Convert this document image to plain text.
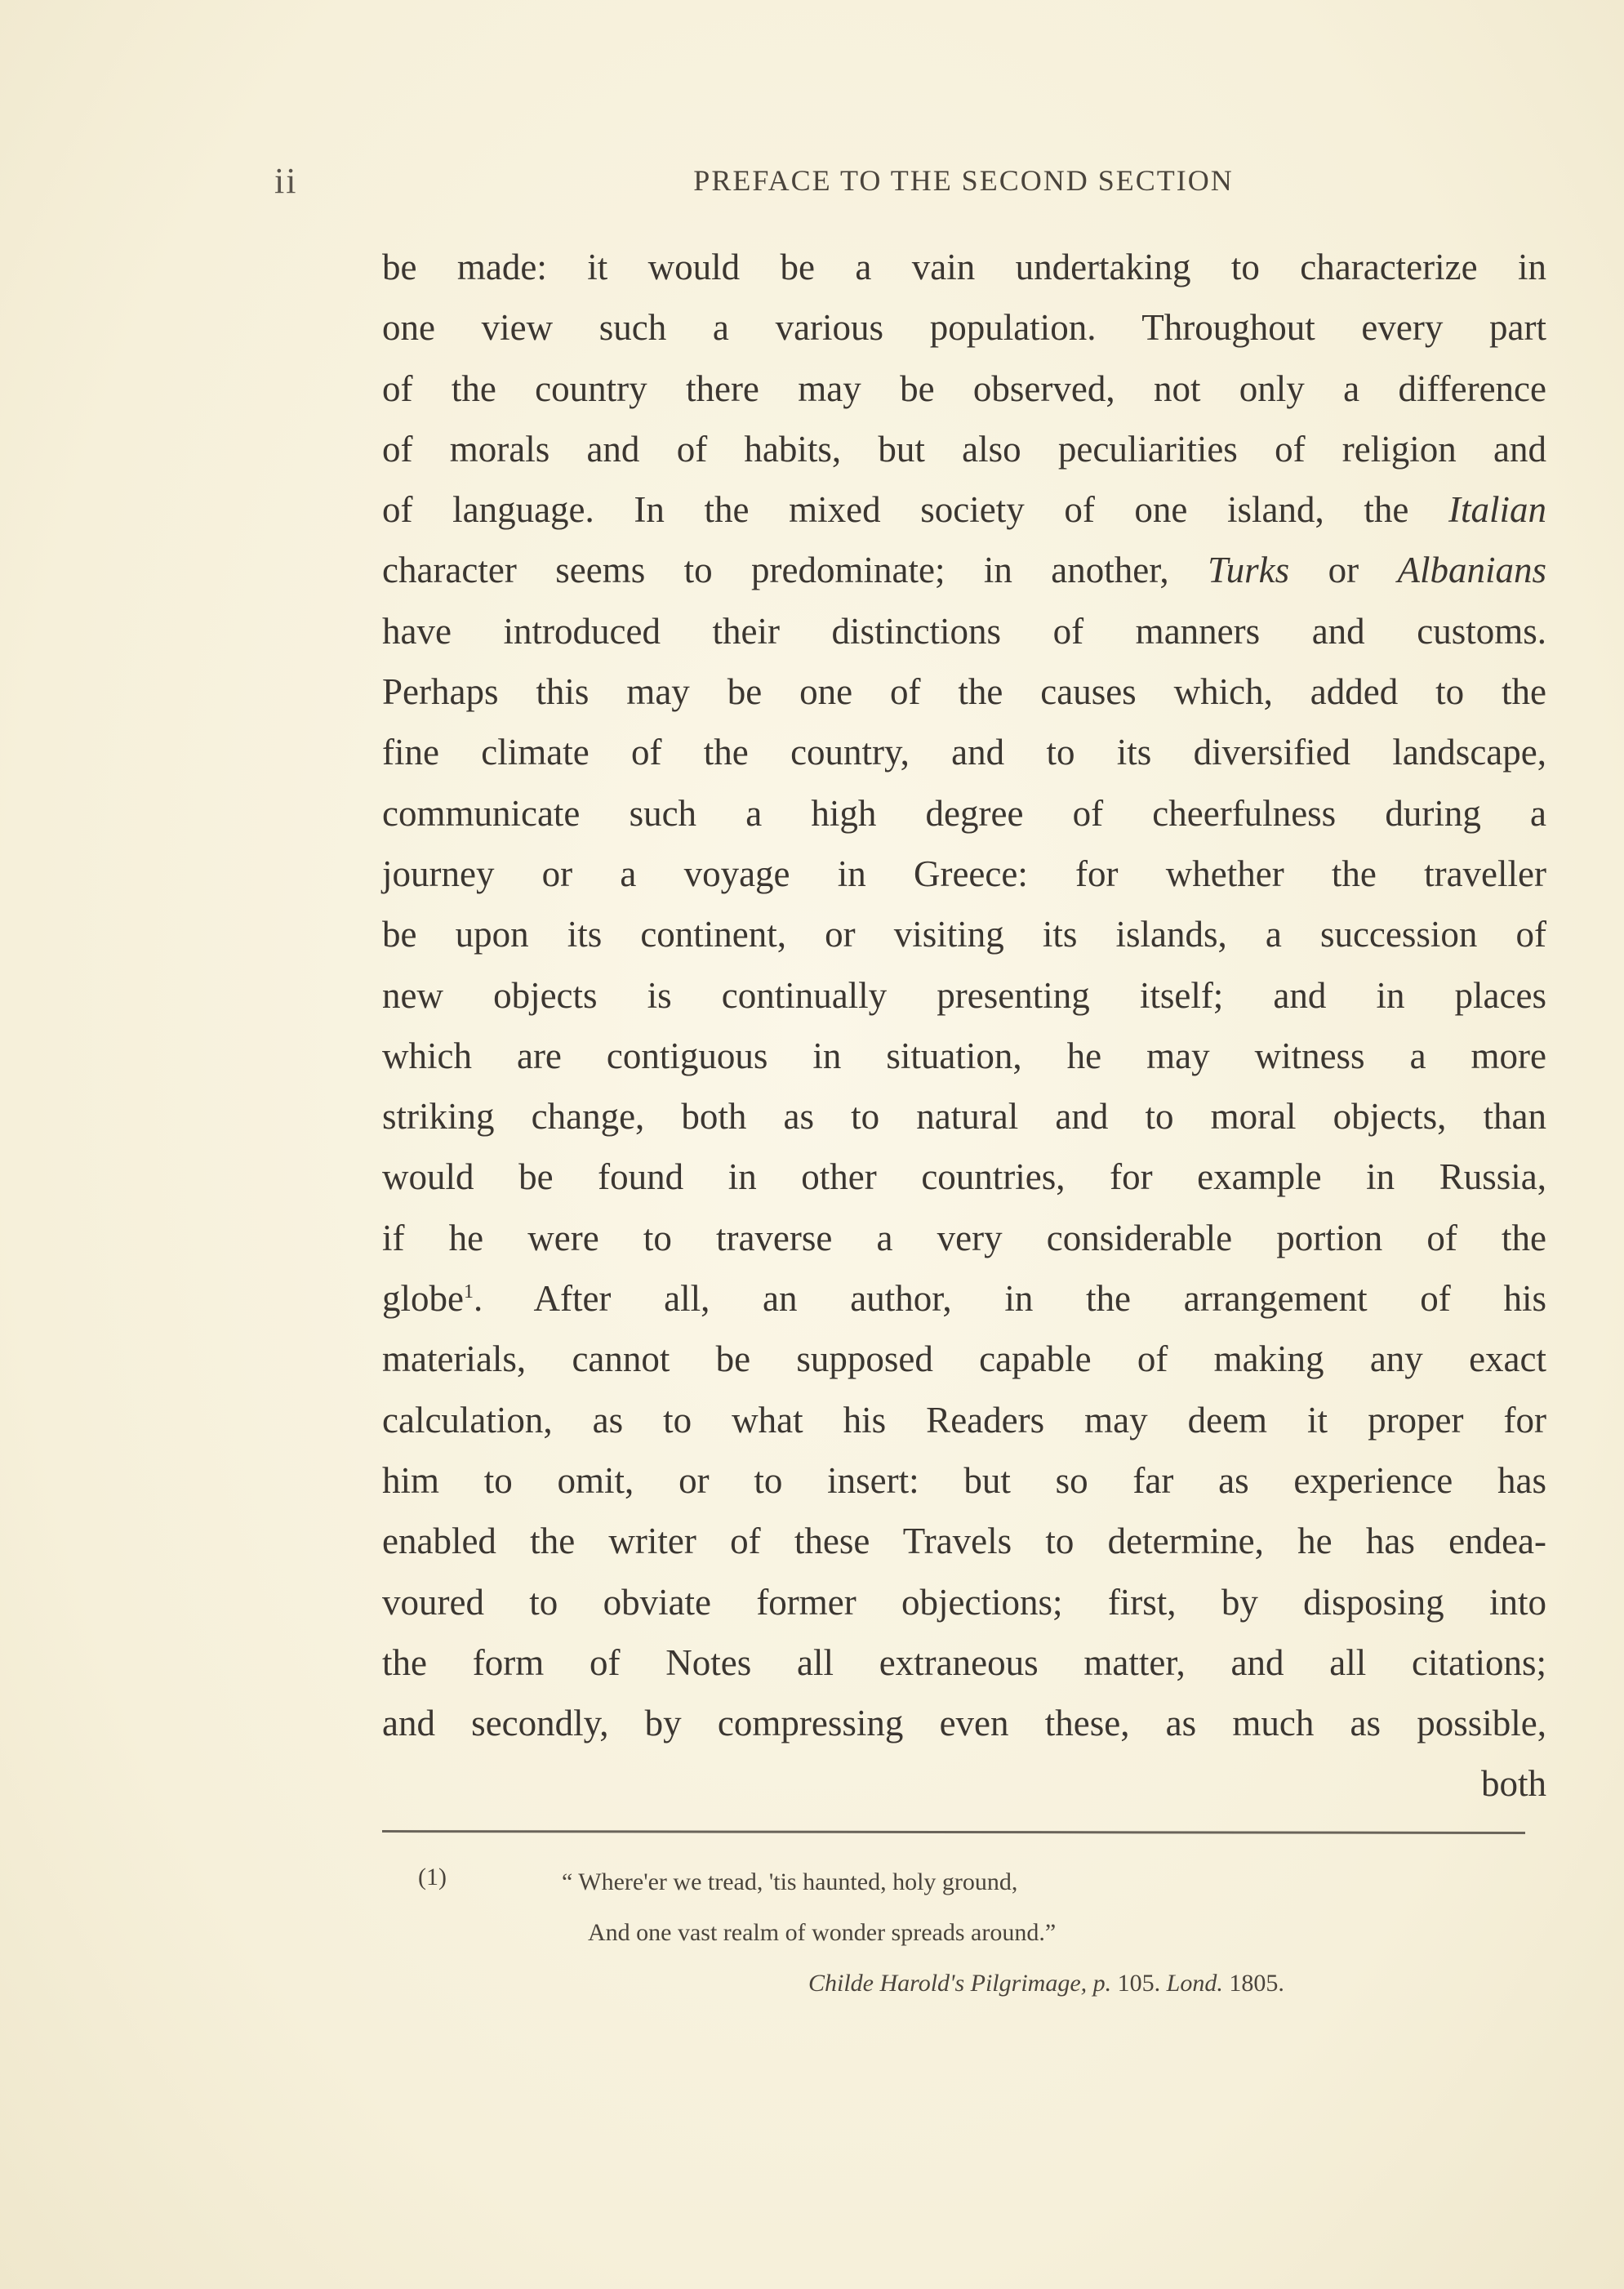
ii	PREFACE TO THE SECOND SECTION
be made: it would be a vain undertaking to characterize in
one view such a various population. Throughout every part
of the country there may be observed, not only a difference
of morals and of habits, but also peculiarities of religion and
of language. In the mixed society of one island, the Italian
character seems to predominate; in another, Turks or Albanians
have introduced their distinctions of manners and customs.
Perhaps this may be one of the causes which, added to the
fine climate of the country, and to its diversified landscape,
communicate such a high degree of cheerfulness during a
journey or a voyage in Greece: for whether the traveller
be upon its continent, or visiting its islands, a succession of
new objects is continually presenting itself; and in places
which are contiguous in situation, he may witness a more
striking change, both as to natural and to moral objects, than
would be found in other countries, for example in Russia,
if he were to traverse a very considerable portion of the
globe$^1$. After all, an author, in the arrangement of his
materials, cannot be supposed capable of making any exact
calculation, as to what his Readers may deem it proper for
him to omit, or to insert: but so far as experience has
enabled the writer of these Travels to determine, he has endea-
voured to obviate former objections; first, by disposing into
the form of Notes all extraneous matter, and all citations;
and secondly, by compressing even these, as much as possible,
both
(1)	“ Where'er we tread, 'tis haunted, holy ground,
And one vast realm of wonder spreads around.”
Childe Harold's Pilgrimage, p. 105. Lond. 1805.
